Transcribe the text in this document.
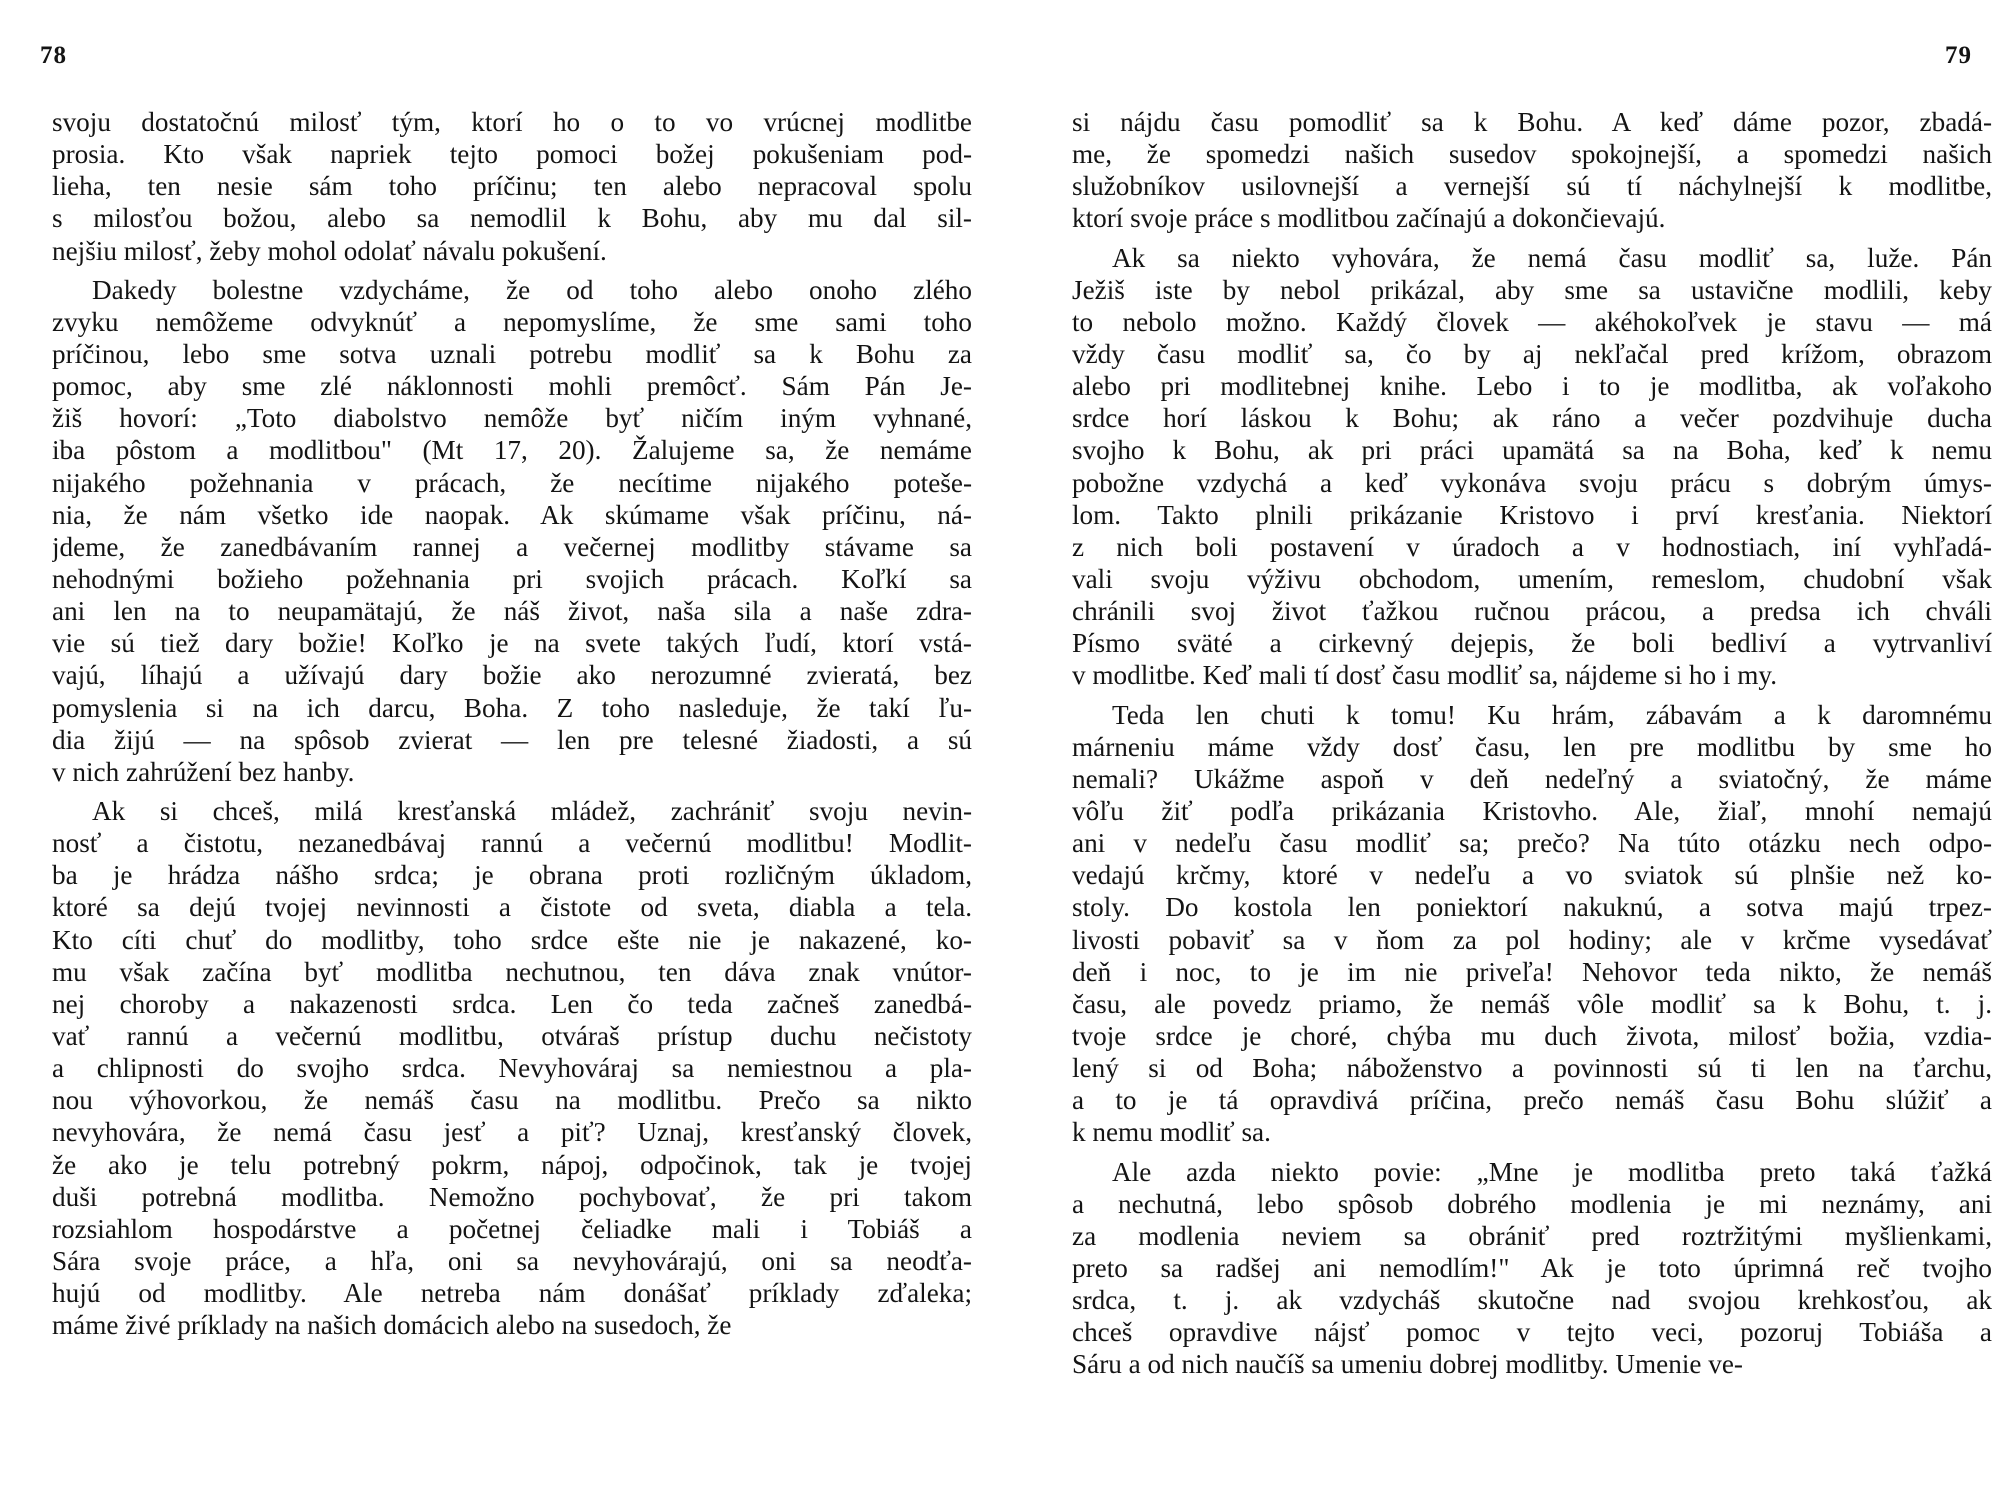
78
svoju dostatočnú milosť tým, ktorí ho o to vo vrúcnej modlitbe
prosia. Kto však napriek tejto pomoci božej pokušeniam pod-
lieha, ten nesie sám toho príčinu; ten alebo nepracoval spolu
s milosťou božou, alebo sa nemodlil k Bohu, aby mu dal sil-
nejšiu milosť, žeby mohol odolať návalu pokušení.
Dakedy bolestne vzdycháme, že od toho alebo onoho zlého
zvyku nemôžeme odvyknúť a nepomyslíme, že sme sami toho
príčinou, lebo sme sotva uznali potrebu modliť sa k Bohu za
pomoc, aby sme zlé náklonnosti mohli premôcť. Sám Pán Je-
žiš hovorí: „Toto diabolstvo nemôže byť ničím iným vyhnané,
iba pôstom a modlitbou" (Mt 17, 20). Žalujeme sa, že nemáme
nijakého požehnania v prácach, že necítime nijakého poteše-
nia, že nám všetko ide naopak. Ak skúmame však príčinu, ná-
jdeme, že zanedbávaním rannej a večernej modlitby stávame sa
nehodnými božieho požehnania pri svojich prácach. Koľkí sa
ani len na to neupamätajú, že náš život, naša sila a naše zdra-
vie sú tiež dary božie! Koľko je na svete takých ľudí, ktorí vstá-
vajú, líhajú a užívajú dary božie ako nerozumné zvieratá, bez
pomyslenia si na ich darcu, Boha. Z toho nasleduje, že takí ľu-
dia žijú — na spôsob zvierat — len pre telesné žiadosti, a sú
v nich zahrúžení bez hanby.
Ak si chceš, milá kresťanská mládež, zachrániť svoju nevin-
nosť a čistotu, nezanedbávaj rannú a večernú modlitbu! Modlit-
ba je hrádza nášho srdca; je obrana proti rozličným úkladom,
ktoré sa dejú tvojej nevinnosti a čistote od sveta, diabla a tela.
Kto cíti chuť do modlitby, toho srdce ešte nie je nakazené, ko-
mu však začína byť modlitba nechutnou, ten dáva znak vnútor-
nej choroby a nakazenosti srdca. Len čo teda začneš zanedbá-
vať rannú a večernú modlitbu, otváraš prístup duchu nečistoty
a chlipnosti do svojho srdca. Nevyhováraj sa nemiestnou a pla-
nou výhovorkou, že nemáš času na modlitbu. Prečo sa nikto
nevyhovára, že nemá času jesť a piť? Uznaj, kresťanský človek,
že ako je telu potrebný pokrm, nápoj, odpočinok, tak je tvojej
duši potrebná modlitba. Nemožno pochybovať, že pri takom
rozsiahlom hospodárstve a početnej čeliadke mali i Tobiáš a
Sára svoje práce, a hľa, oni sa nevyhovárajú, oni sa neodťa-
hujú od modlitby. Ale netreba nám donášať príklady zďaleka;
máme živé príklady na našich domácich alebo na susedoch, že
79
si nájdu času pomodliť sa k Bohu. A keď dáme pozor, zbadá-
me, že spomedzi našich susedov spokojnejší, a spomedzi našich
služobníkov usilovnejší a vernejší sú tí náchylnejší k modlitbe,
ktorí svoje práce s modlitbou začínajú a dokončievajú.
Ak sa niekto vyhovára, že nemá času modliť sa, luže. Pán
Ježiš iste by nebol prikázal, aby sme sa ustavične modlili, keby
to nebolo možno. Každý človek — akéhokoľvek je stavu — má
vždy času modliť sa, čo by aj nekľačal pred krížom, obrazom
alebo pri modlitebnej knihe. Lebo i to je modlitba, ak voľakoho
srdce horí láskou k Bohu; ak ráno a večer pozdvihuje ducha
svojho k Bohu, ak pri práci upamätá sa na Boha, keď k nemu
pobožne vzdychá a keď vykonáva svoju prácu s dobrým úmys-
lom. Takto plnili prikázanie Kristovo i prví kresťania. Niektorí
z nich boli postavení v úradoch a v hodnostiach, iní vyhľadá-
vali svoju výživu obchodom, umením, remeslom, chudobní však
chránili svoj život ťažkou ručnou prácou, a predsa ich chváli
Písmo sväté a cirkevný dejepis, že boli bedliví a vytrvanliví
v modlitbe. Keď mali tí dosť času modliť sa, nájdeme si ho i my.
Teda len chuti k tomu! Ku hrám, zábavám a k daromnému
márneniu máme vždy dosť času, len pre modlitbu by sme ho
nemali? Ukážme aspoň v deň nedeľný a sviatočný, že máme
vôľu žiť podľa prikázania Kristovho. Ale, žiaľ, mnohí nemajú
ani v nedeľu času modliť sa; prečo? Na túto otázku nech odpo-
vedajú krčmy, ktoré v nedeľu a vo sviatok sú plnšie než ko-
stoly. Do kostola len poniektorí nakuknú, a sotva majú trpez-
livosti pobaviť sa v ňom za pol hodiny; ale v krčme vysedávať
deň i noc, to je im nie priveľa! Nehovor teda nikto, že nemáš
času, ale povedz priamo, že nemáš vôle modliť sa k Bohu, t. j.
tvoje srdce je choré, chýba mu duch života, milosť božia, vzdia-
lený si od Boha; náboženstvo a povinnosti sú ti len na ťarchu,
a to je tá opravdivá príčina, prečo nemáš času Bohu slúžiť a
k nemu modliť sa.
Ale azda niekto povie: „Mne je modlitba preto taká ťažká
a nechutná, lebo spôsob dobrého modlenia je mi neznámy, ani
za modlenia neviem sa obrániť pred roztržitými myšlienkami,
preto sa radšej ani nemodlím!" Ak je toto úprimná reč tvojho
srdca, t. j. ak vzdycháš skutočne nad svojou krehkosťou, ak
chceš opravdive nájsť pomoc v tejto veci, pozoruj Tobiáša a
Sáru a od nich naučíš sa umeniu dobrej modlitby. Umenie ve-
